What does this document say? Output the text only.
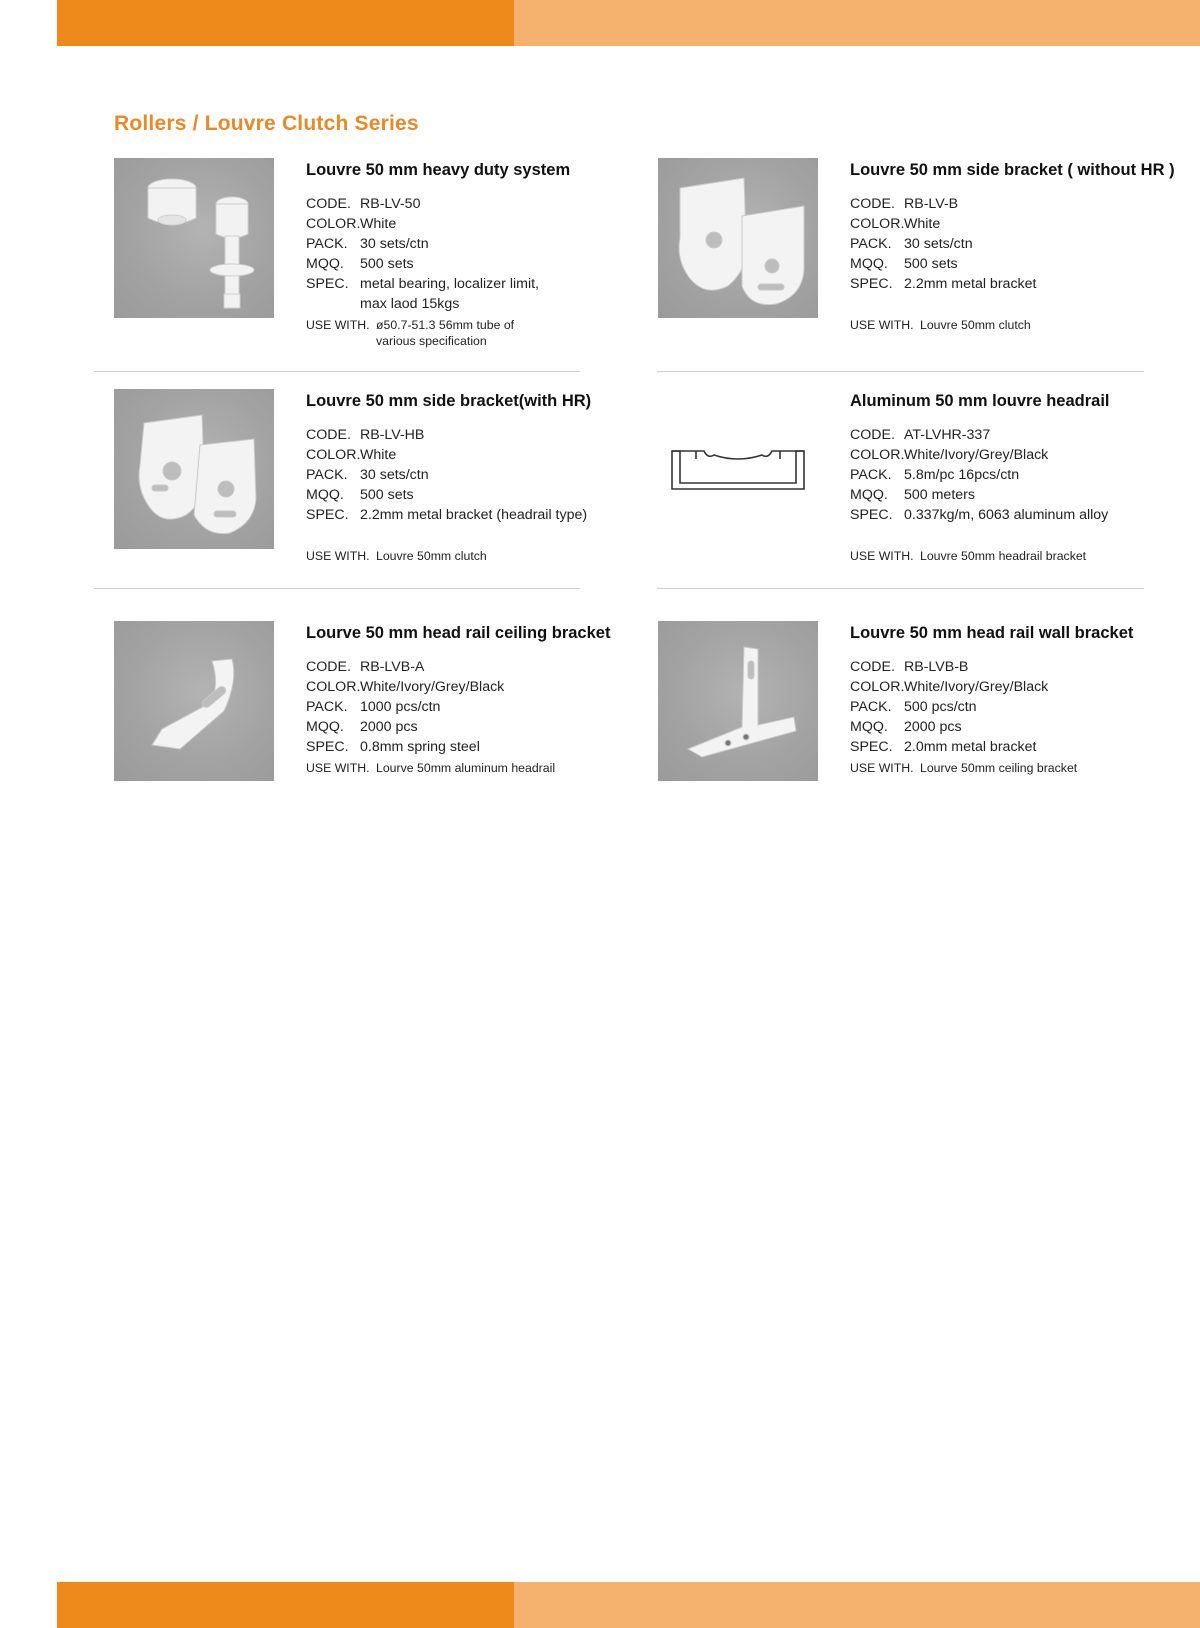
Rollers / Louvre Clutch Series
Louvre 50 mm heavy duty system
CODE. RB-LV-50
COLOR. White
PACK. 30 sets/ctn
MQQ.	500 sets
SPEC. metal bearing, localizer limit,
max laod 15kgs
USE WITH. ø50.7-51.3 56mm tube of
various specification
Louvre 50 mm side bracket ( without HR )
CODE. RB-LV-B
COLOR. White
PACK. 30 sets/ctn
MQQ.	500 sets
SPEC. 2.2mm metal bracket
USE WITH. Louvre 50mm clutch
Louvre 50 mm side bracket(with HR)
CODE. RB-LV-HB
COLOR. White
PACK. 30 sets/ctn
MQQ.	500 sets
SPEC. 2.2mm metal bracket (headrail type)
USE WITH. Louvre 50mm clutch
Aluminum 50 mm louvre headrail
CODE. AT-LVHR-337
COLOR. White/Ivory/Grey/Black
PACK. 5.8m/pc 16pcs/ctn
MQQ.	500 meters
SPEC. 0.337kg/m, 6063 aluminum alloy
USE WITH. Louvre 50mm headrail bracket
Lourve 50 mm head rail ceiling bracket
CODE. RB-LVB-A
COLOR. White/Ivory/Grey/Black
PACK. 1000 pcs/ctn
MQQ.	2000 pcs
SPEC. 0.8mm spring steel
USE WITH. Lourve 50mm aluminum headrail
Louvre 50 mm head rail wall bracket
CODE. RB-LVB-B
COLOR. White/Ivory/Grey/Black
PACK. 500 pcs/ctn
MQQ.	2000 pcs
SPEC. 2.0mm metal bracket
USE WITH. Lourve 50mm ceiling bracket
